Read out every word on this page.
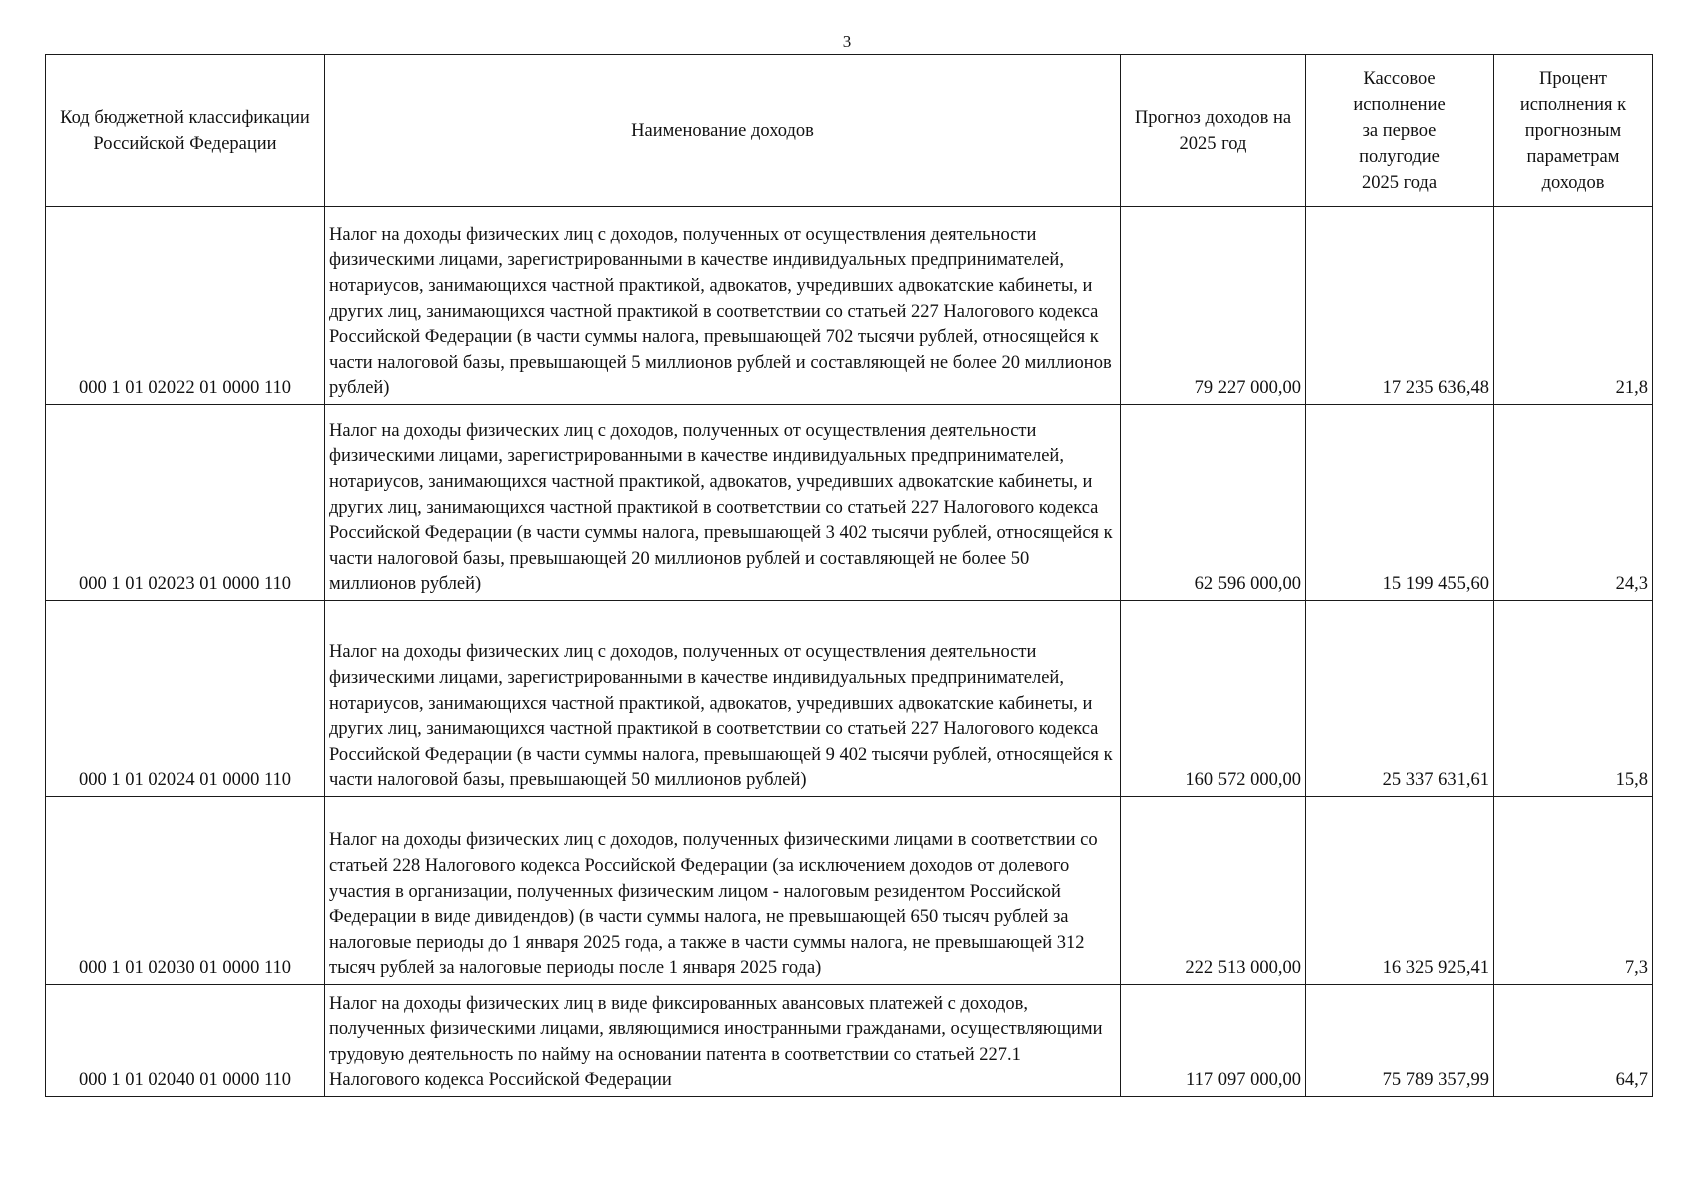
3
Код бюджетной классификации Российской Федерации	Наименование доходов	Прогноз доходов на 2025 год	Кассовое исполнение за первое полугодие 2025 года	Процент исполнения к прогнозным параметрам доходов
000 1 01 02022 01 0000 110	Налог на доходы физических лиц с доходов, полученных от осуществления деятельности физическими лицами, зарегистрированными в качестве индивидуальных предпринимателей, нотариусов, занимающихся частной практикой, адвокатов, учредивших адвокатские кабинеты, и других лиц, занимающихся частной практикой в соответствии со статьей 227 Налогового кодекса Российской Федерации (в части суммы налога, превышающей 702 тысячи рублей, относящейся к части налоговой базы, превышающей 5 миллионов рублей и составляющей не более 20 миллионов рублей)	79 227 000,00	17 235 636,48	21,8
000 1 01 02023 01 0000 110	Налог на доходы физических лиц с доходов, полученных от осуществления деятельности физическими лицами, зарегистрированными в качестве индивидуальных предпринимателей, нотариусов, занимающихся частной практикой, адвокатов, учредивших адвокатские кабинеты, и других лиц, занимающихся частной практикой в соответствии со статьей 227 Налогового кодекса Российской Федерации (в части суммы налога, превышающей 3 402 тысячи рублей, относящейся к части налоговой базы, превышающей 20 миллионов рублей и составляющей не более 50 миллионов рублей)	62 596 000,00	15 199 455,60	24,3
000 1 01 02024 01 0000 110	Налог на доходы физических лиц с доходов, полученных от осуществления деятельности физическими лицами, зарегистрированными в качестве индивидуальных предпринимателей, нотариусов, занимающихся частной практикой, адвокатов, учредивших адвокатские кабинеты, и других лиц, занимающихся частной практикой в соответствии со статьей 227 Налогового кодекса Российской Федерации (в части суммы налога, превышающей 9 402 тысячи рублей, относящейся к части налоговой базы, превышающей 50 миллионов рублей)	160 572 000,00	25 337 631,61	15,8
000 1 01 02030 01 0000 110	Налог на доходы физических лиц с доходов, полученных физическими лицами в соответствии со статьей 228 Налогового кодекса Российской Федерации (за исключением доходов от долевого участия в организации, полученных физическим лицом - налоговым резидентом Российской Федерации в виде дивидендов) (в части суммы налога, не превышающей 650 тысяч рублей за налоговые периоды до 1 января 2025 года, а также в части суммы налога, не превышающей 312 тысяч рублей за налоговые периоды после 1 января 2025 года)	222 513 000,00	16 325 925,41	7,3
000 1 01 02040 01 0000 110	Налог на доходы физических лиц в виде фиксированных авансовых платежей с доходов, полученных физическими лицами, являющимися иностранными гражданами, осуществляющими трудовую деятельность по найму на основании патента в соответствии со статьей 227.1 Налогового кодекса Российской Федерации	117 097 000,00	75 789 357,99	64,7
